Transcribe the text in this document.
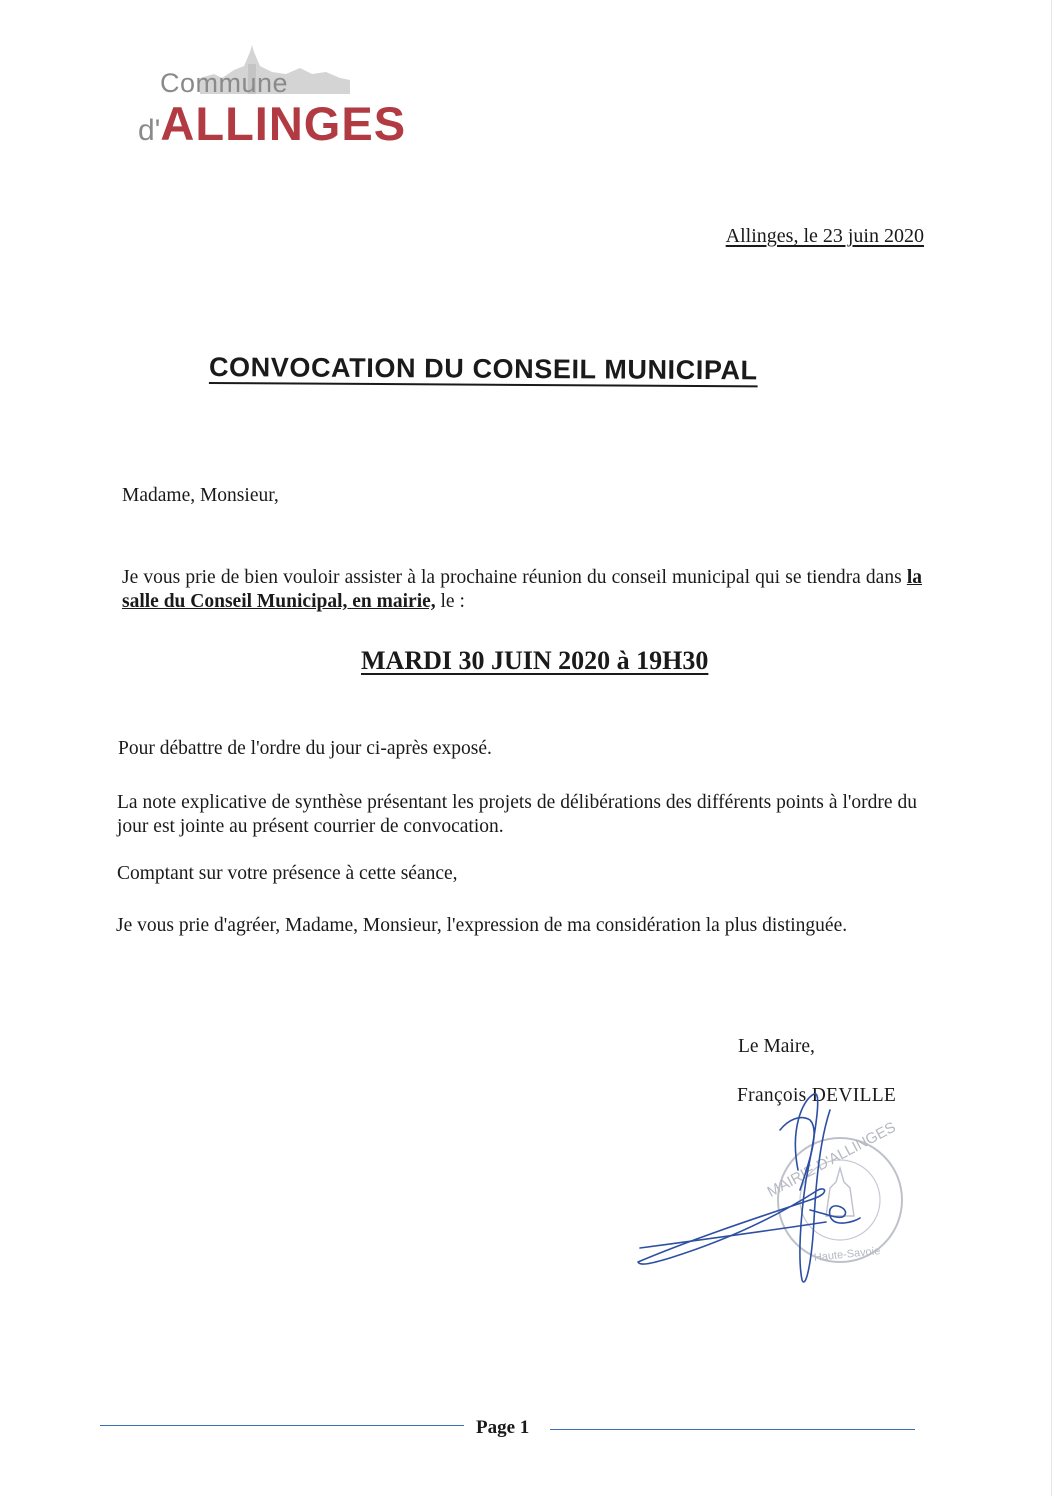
Commune
d'ALLINGES
Allinges, le 23 juin 2020
CONVOCATION DU CONSEIL MUNICIPAL
Madame, Monsieur,
Je vous prie de bien vouloir assister à la prochaine réunion du conseil municipal qui se tiendra dans la salle du Conseil Municipal, en mairie, le :
MARDI 30 JUIN 2020 à 19H30
Pour débattre de l'ordre du jour ci-après exposé.
La note explicative de synthèse présentant les projets de délibérations des différents points à l'ordre du jour est jointe au présent courrier de convocation.
Comptant sur votre présence à cette séance,
Je vous prie d'agréer, Madame, Monsieur, l'expression de ma considération la plus distinguée.
Le Maire,
François DEVILLE
MAIRIE D'ALLINGES
Haute-Savoie
Page 1
